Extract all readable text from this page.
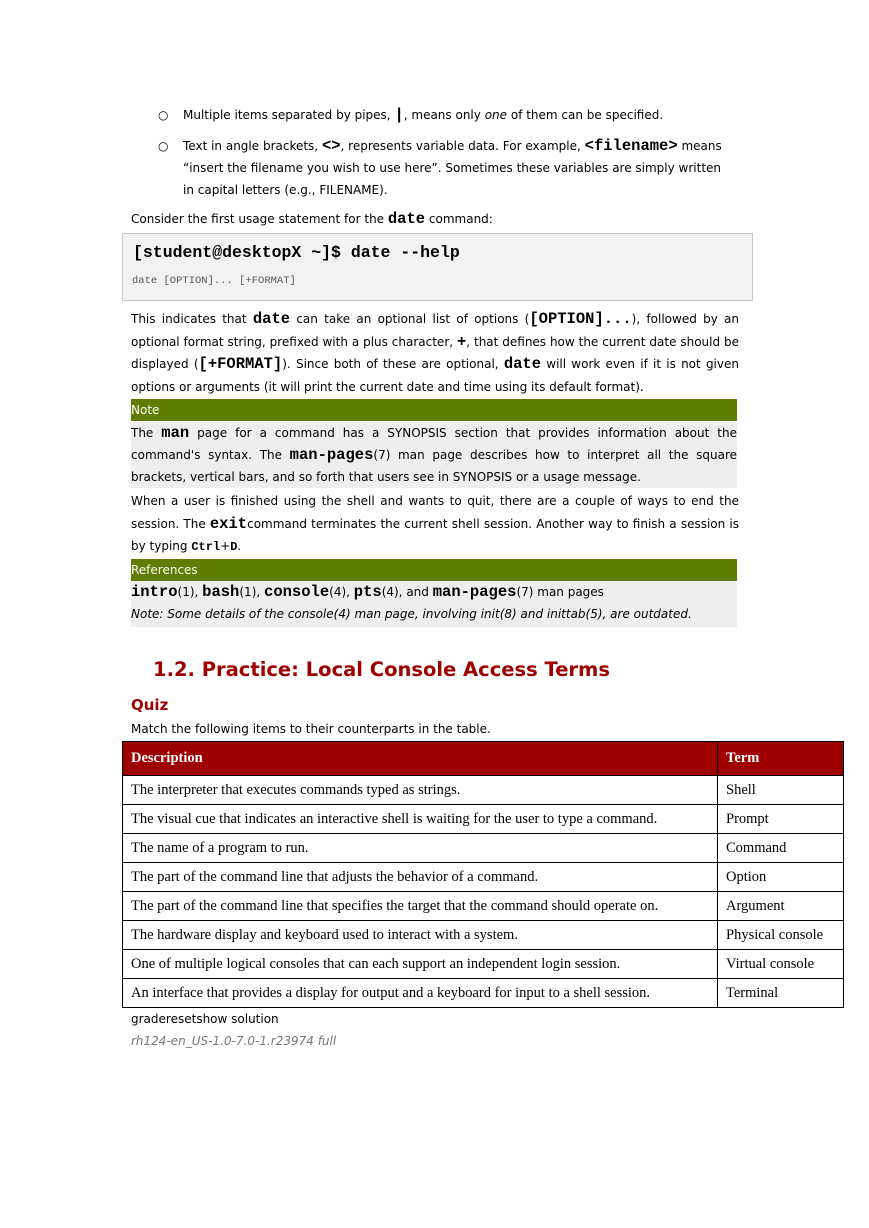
○	Multiple items separated by pipes, |, means only one of them can be specified.
○	Text in angle brackets, <>, represents variable data. For example, <filename> means “insert the filename you wish to use here”. Sometimes these variables are simply written in capital letters (e.g., FILENAME).
Consider the first usage statement for the date command:
[student@desktopX ~]$ date --help
date [OPTION]... [+FORMAT]
This indicates that date can take an optional list of options ([OPTION]...), followed by an optional format string, prefixed with a plus character, +, that defines how the current date should be displayed ([+FORMAT]). Since both of these are optional, date will work even if it is not given options or arguments (it will print the current date and time using its default format).
Note
The man page for a command has a SYNOPSIS section that provides information about the command's syntax. The man-pages(7) man page describes how to interpret all the square brackets, vertical bars, and so forth that users see in SYNOPSIS or a usage message.
When a user is finished using the shell and wants to quit, there are a couple of ways to end the session. The exitcommand terminates the current shell session. Another way to finish a session is by typing Ctrl+D.
References
intro(1), bash(1), console(4), pts(4), and man-pages(7) man pages
Note: Some details of the console(4) man page, involving init(8) and inittab(5), are outdated.
1.2. Practice: Local Console Access Terms
Quiz
Match the following items to their counterparts in the table.
Description	Term
The interpreter that executes commands typed as strings.	Shell
The visual cue that indicates an interactive shell is waiting for the user to type a command.	Prompt
The name of a program to run.	Command
The part of the command line that adjusts the behavior of a command.	Option
The part of the command line that specifies the target that the command should operate on.	Argument
The hardware display and keyboard used to interact with a system.	Physical console
One of multiple logical consoles that can each support an independent login session.	Virtual console
An interface that provides a display for output and a keyboard for input to a shell session.	Terminal
graderesetshow solution
rh124-en_US-1.0-7.0-1.r23974 full
